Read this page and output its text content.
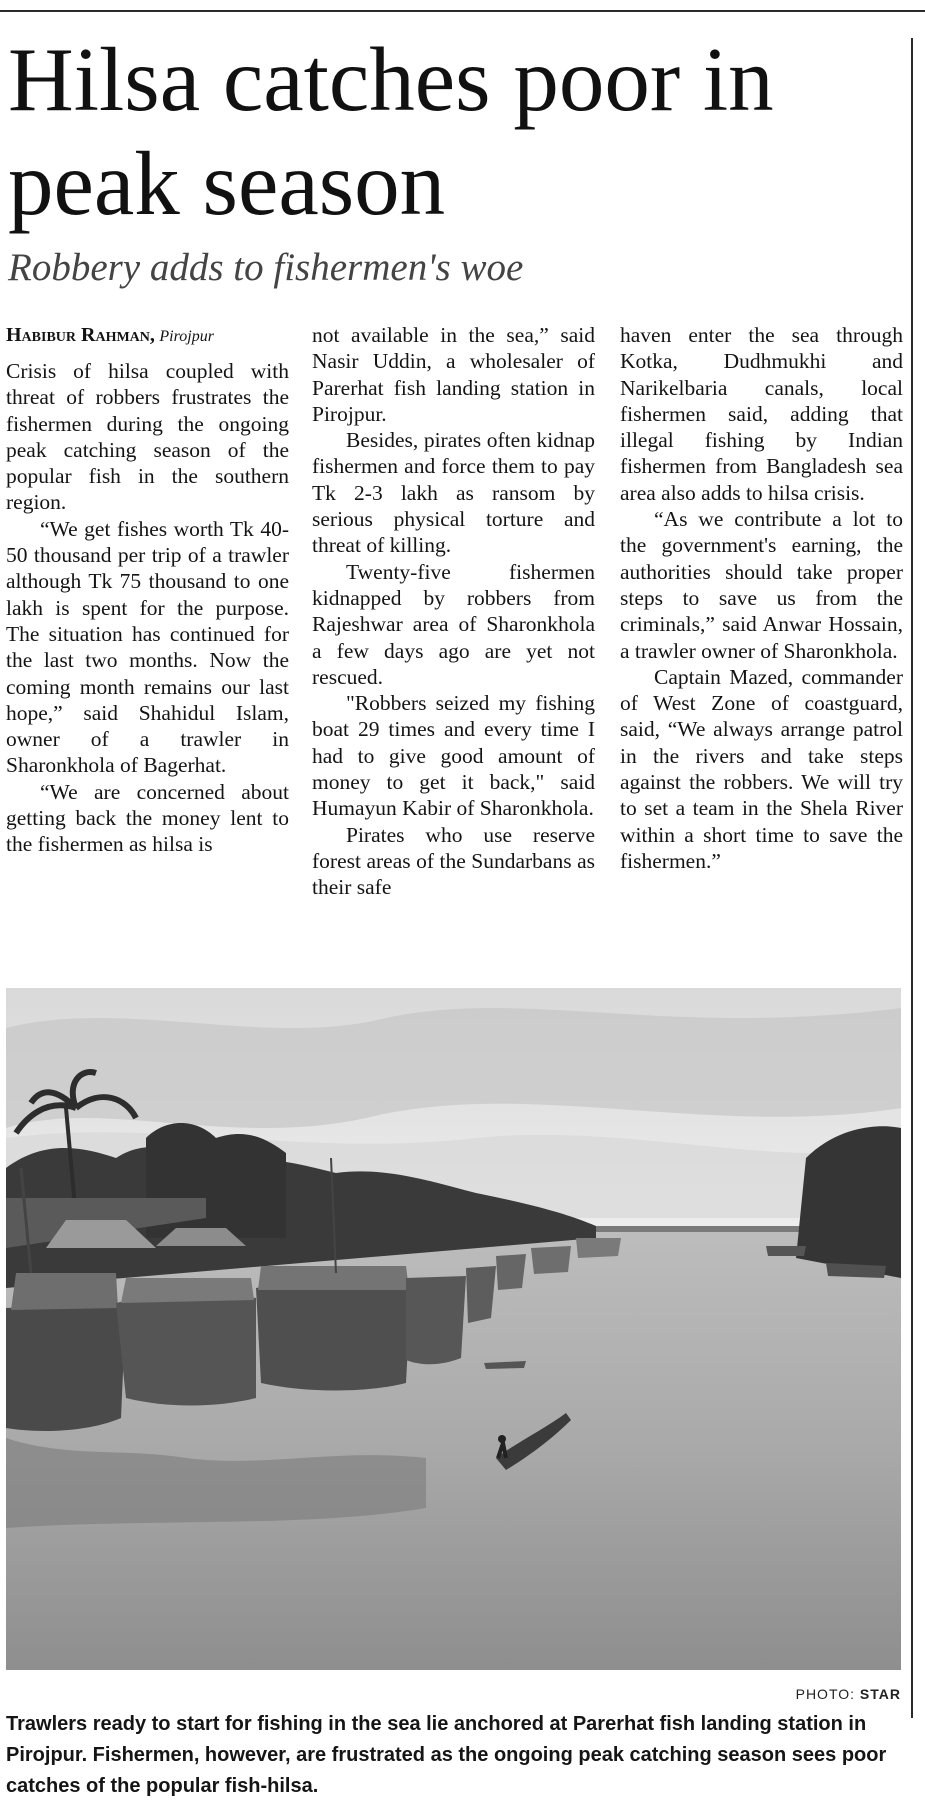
Hilsa catches poor in peak season
Robbery adds to fishermen's woe
Habibur Rahman, Pirojpur

Crisis of hilsa coupled with threat of robbers frustrates the fishermen during the ongoing peak catching season of the popular fish in the southern region.

“We get fishes worth Tk 40-50 thousand per trip of a trawler although Tk 75 thousand to one lakh is spent for the purpose. The situation has continued for the last two months. Now the coming month remains our last hope,” said Shahidul Islam, owner of a trawler in Sharonkhola of Bagerhat.

“We are concerned about getting back the money lent to the fishermen as hilsa is

not available in the sea,” said Nasir Uddin, a wholesaler of Parerhat fish landing station in Pirojpur.

Besides, pirates often kidnap fishermen and force them to pay Tk 2-3 lakh as ransom by serious physical torture and threat of killing.

Twenty-five fishermen kidnapped by robbers from Rajeshwar area of Sharonkhola a few days ago are yet not rescued.

"Robbers seized my fishing boat 29 times and every time I had to give good amount of money to get it back," said Humayun Kabir of Sharonkhola.

Pirates who use reserve forest areas of the Sundarbans as their safe

haven enter the sea through Kotka, Dudhmukhi and Narikelbaria canals, local fishermen said, adding that illegal fishing by Indian fishermen from Bangladesh sea area also adds to hilsa crisis.

“As we contribute a lot to the government's earning, the authorities should take proper steps to save us from the criminals,” said Anwar Hossain, a trawler owner of Sharonkhola.

Captain Mazed, commander of West Zone of coastguard, said, “We always arrange patrol in the rivers and take steps against the robbers. We will try to set a team in the Shela River within a short time to save the fishermen.”

PHOTO: STAR

Trawlers ready to start for fishing in the sea lie anchored at Parerhat fish landing station in Pirojpur. Fishermen, however, are frustrated as the ongoing peak catching season sees poor catches of the popular fish-hilsa.
